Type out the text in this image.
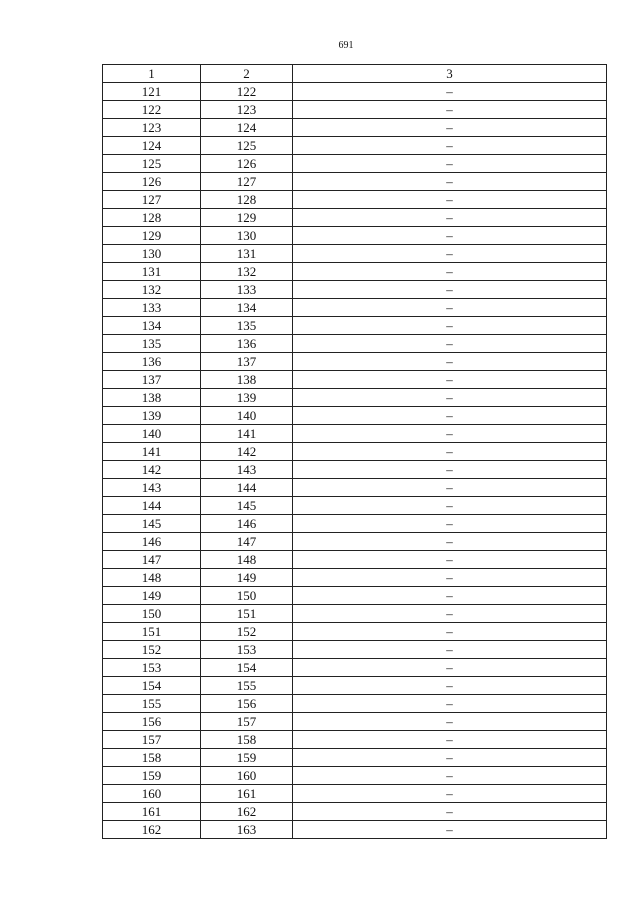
691
1	2	3
121	122	–
122	123	–
123	124	–
124	125	–
125	126	–
126	127	–
127	128	–
128	129	–
129	130	–
130	131	–
131	132	–
132	133	–
133	134	–
134	135	–
135	136	–
136	137	–
137	138	–
138	139	–
139	140	–
140	141	–
141	142	–
142	143	–
143	144	–
144	145	–
145	146	–
146	147	–
147	148	–
148	149	–
149	150	–
150	151	–
151	152	–
152	153	–
153	154	–
154	155	–
155	156	–
156	157	–
157	158	–
158	159	–
159	160	–
160	161	–
161	162	–
162	163	–
